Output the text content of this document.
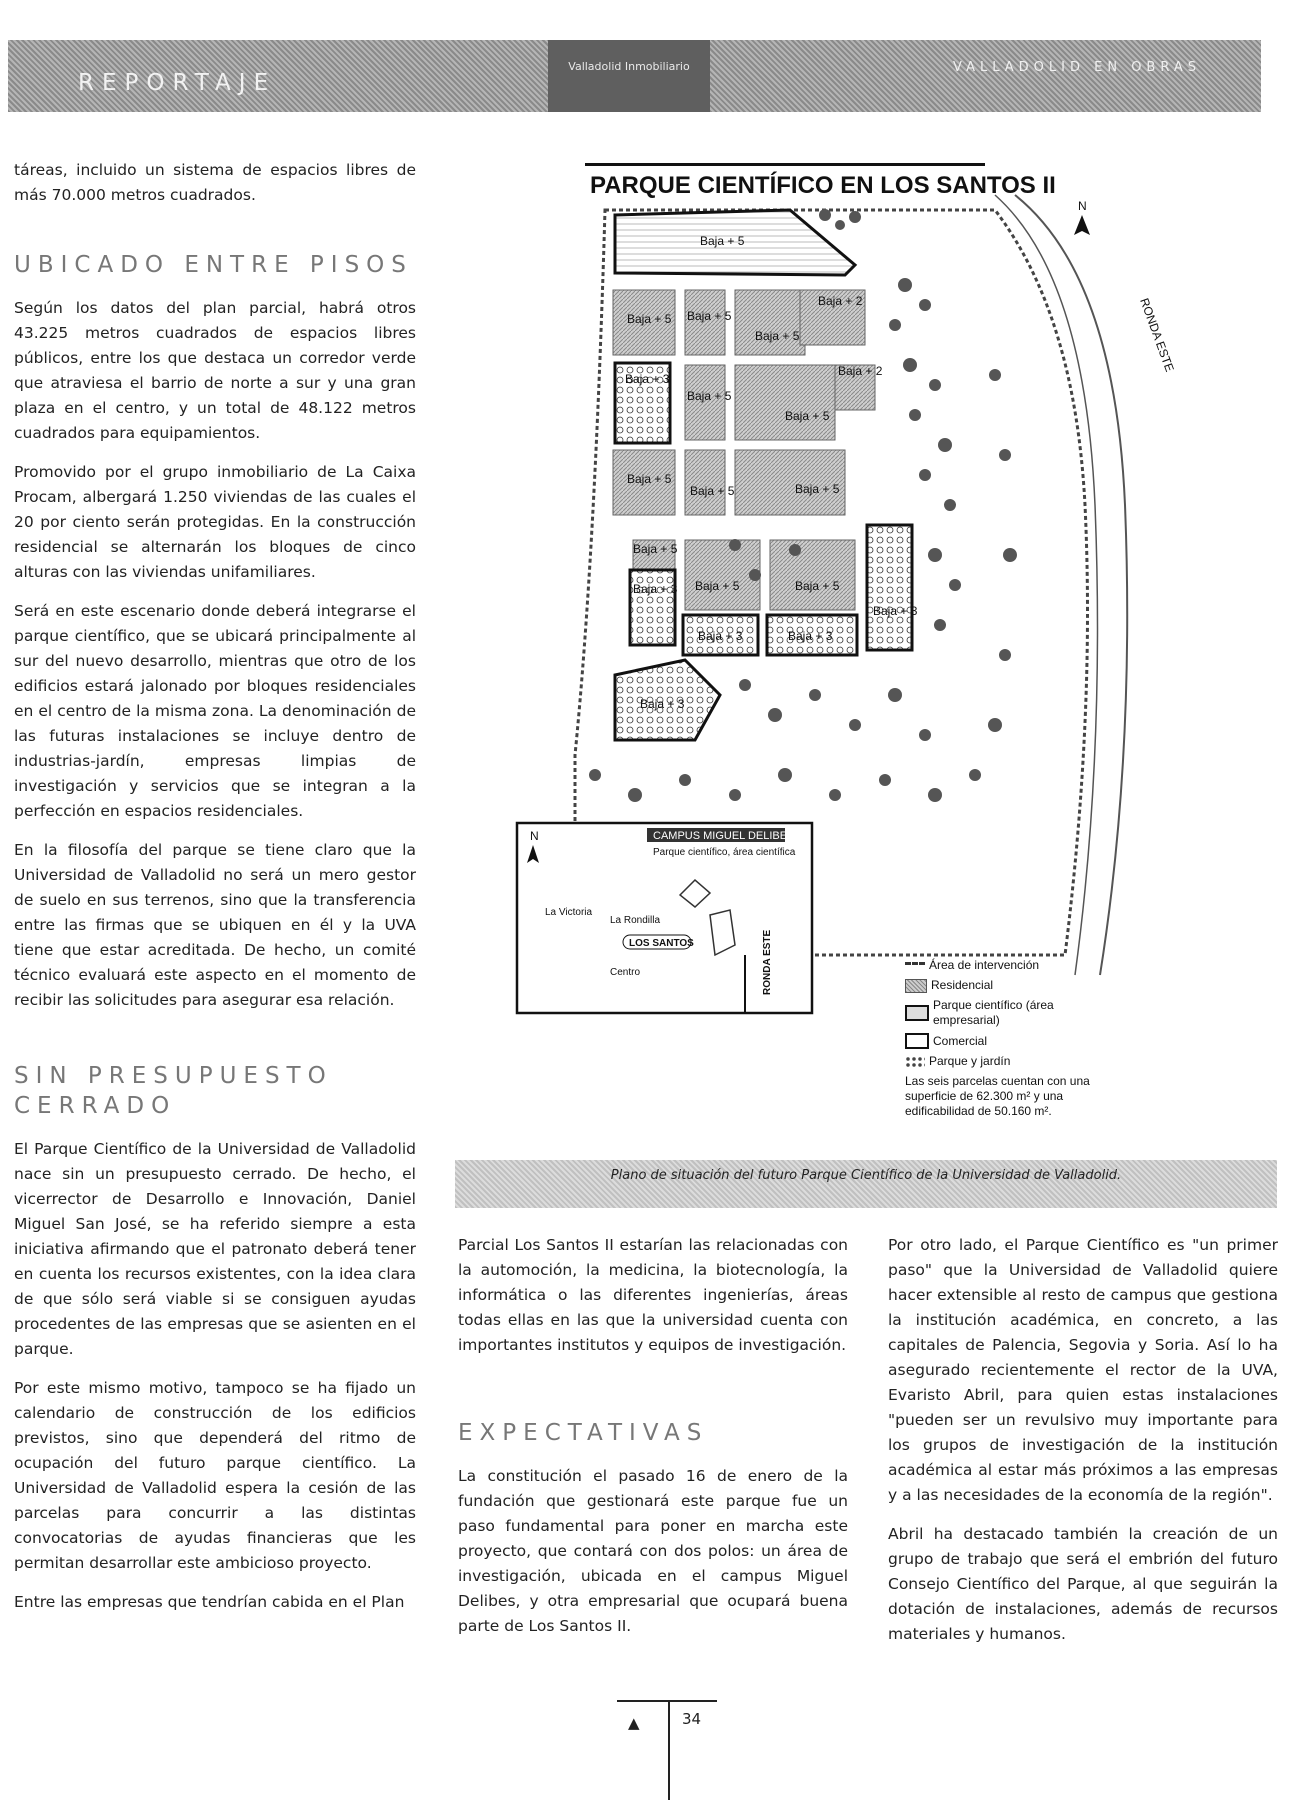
REPORTAJE
Valladolid Inmobiliario	VALLADOLID EN OBRAS

táreas, incluido un sistema de espacios libres de más 70.000 metros cuadrados.

UBICADO ENTRE PISOS

Según los datos del plan parcial, habrá otros 43.225 metros cuadrados de espacios libres públicos, entre los que destaca un corredor verde que atraviesa el barrio de norte a sur y una gran plaza en el centro, y un total de 48.122 metros cuadrados para equipamientos.

Promovido por el grupo inmobiliario de La Caixa Procam, albergará 1.250 viviendas de las cuales el 20 por ciento serán protegidas. En la construcción residencial se alternarán los bloques de cinco alturas con las viviendas unifamiliares.

Será en este escenario donde deberá integrarse el parque científico, que se ubicará principalmente al sur del nuevo desarrollo, mientras que otro de los edificios estará jalonado por bloques residenciales en el centro de la misma zona. La denominación de las futuras instalaciones se incluye dentro de industrias-jardín, empresas limpias de investigación y servicios que se integran a la perfección en espacios residenciales.

En la filosofía del parque se tiene claro que la Universidad de Valladolid no será un mero gestor de suelo en sus terrenos, sino que la transferencia entre las firmas que se ubiquen en él y la UVA tiene que estar acreditada. De hecho, un comité técnico evaluará este aspecto en el momento de recibir las solicitudes para asegurar esa relación.

SIN PRESUPUESTO CERRADO

El Parque Científico de la Universidad de Valladolid nace sin un presupuesto cerrado. De hecho, el vicerrector de Desarrollo e Innovación, Daniel Miguel San José, se ha referido siempre a esta iniciativa afirmando que el patronato deberá tener en cuenta los recursos existentes, con la idea clara de que sólo será viable si se consiguen ayudas procedentes de las empresas que se asienten en el parque.

Por este mismo motivo, tampoco se ha fijado un calendario de construcción de los edificios previstos, sino que dependerá del ritmo de ocupación del futuro parque científico. La Universidad de Valladolid espera la cesión de las parcelas para concurrir a las distintas convocatorias de ayudas financieras que les permitan desarrollar este ambicioso proyecto.

Entre las empresas que tendrían cabida en el Plan

PARQUE CIENTÍFICO EN LOS SANTOS II
N
RONDA ESTE
Baja + 5
Baja + 5 Baja + 5
Baja + 2
Baja + 3
Baja + 5
Baja + 2
Baja + 5
Baja + 5
Baja + 5
Baja + 5	Baja + 5
Baja + 3 Baja + 5	Baja + 5
Baja + 3	Baja + 3
Baja + 3
Baja + 3
Baja + 5
CAMPUS MIGUEL DELIBES
Parque científico, área científica
N
La Victoria
La Rondilla
LOS SANTOS
Centro	RONDA ESTE	Área de intervención
Residencial
Parque científico (área empresarial)
Comercial
Parque y jardín
Las seis parcelas cuentan con una superficie de 62.300 m² y una edificabilidad de 50.160 m².
Plano de situación del futuro Parque Científico de la Universidad de Valladolid.

Parcial Los Santos II estarían las relacionadas con la automoción, la medicina, la biotecnología, la informática o las diferentes ingenierías, áreas todas ellas en las que la universidad cuenta con importantes institutos y equipos de investigación.

EXPECTATIVAS

La constitución el pasado 16 de enero de la fundación que gestionará este parque fue un paso fundamental para poner en marcha este proyecto, que contará con dos polos: un área de investigación, ubicada en el campus Miguel Delibes, y otra empresarial que ocupará buena parte de Los Santos II.

Por otro lado, el Parque Científico es "un primer paso" que la Universidad de Valladolid quiere hacer extensible al resto de campus que gestiona la institución académica, en concreto, a las capitales de Palencia, Segovia y Soria. Así lo ha asegurado recientemente el rector de la UVA, Evaristo Abril, para quien estas instalaciones "pueden ser un revulsivo muy importante para los grupos de investigación de la institución académica al estar más próximos a las empresas y a las necesidades de la economía de la región".

Abril ha destacado también la creación de un grupo de trabajo que será el embrión del futuro Consejo Científico del Parque, al que seguirán la dotación de instalaciones, además de recursos materiales y humanos.

▲	34
